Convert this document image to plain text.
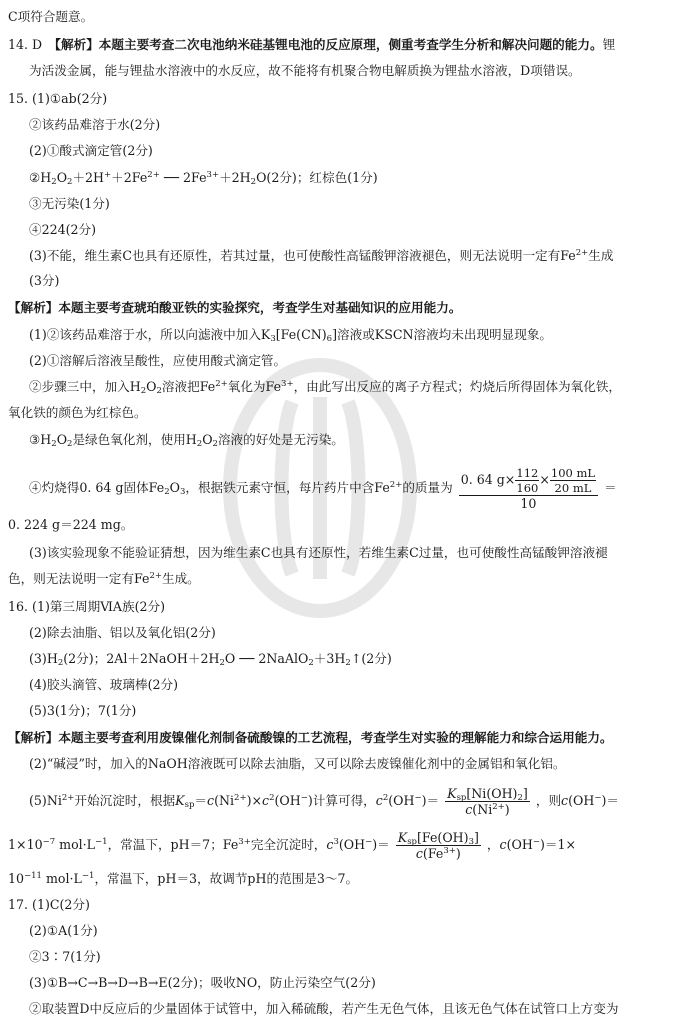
C项符合题意。
14. D　【解析】本题主要考查二次电池纳米硅基锂电池的反应原理，侧重考查学生分析和解决问题的能力。锂
为活泼金属，能与锂盐水溶液中的水反应，故不能将有机聚合物电解质换为锂盐水溶液，D项错误。
15. (1)①ab(2分)
②该药品难溶于水(2分)
(2)①酸式滴定管(2分)
$②H_2O_2+2H^++2Fe^{2+}$ ── $2Fe^{3+}+2H_2O(2$分)；红棕色(1分)
③无污染(1分)
④224(2分)
(3)不能，维生素C也具有还原性，若其过量，也可使酸性高锰酸钾溶液褪色，则无法说明一定有$Fe^{2+}$生成
(3分)
【解析】本题主要考查琥珀酸亚铁的实验探究，考查学生对基础知识的应用能力。
(1)②该药品难溶于水，所以向滤液中加入$K_3[Fe(CN)_6]$溶液或KSCN溶液均未出现明显现象。
(2)①溶解后溶液呈酸性，应使用酸式滴定管。
②步骤三中，加入$H_2O_2$溶液把$Fe^{2+}$氧化为$Fe^{3+}$，由此写出反应的离子方程式；灼烧后所得固体为氧化铁，
氧化铁的颜色为红棕色。
$③H_2O_2$是绿色氧化剂，使用$H_2O_2$溶液的好处是无污染。
④灼烧得0. 64 g固体$Fe_2O_3$，根据铁元素守恒，每片药片中含$Fe^{2+}$的质量为 $\frac{0. 64 g\times \frac{112}{160} \times \frac{100 mL}{20 mL}}{10}$ ＝
0. 224 g＝224 mg。
(3)该实验现象不能验证猜想，因为维生素C也具有还原性，若维生素C过量，也可使酸性高锰酸钾溶液褪
色，则无法说明一定有$Fe^{2+}$生成。
16. (1)第三周期ⅥA族(2分)
(2)除去油脂、铝以及氧化铝(2分)
$(3)H_2(2$分)；$2Al+2NaOH+2H_2O$ ── $2NaAlO_2+3H_2↑(2$分)
(4)胶头滴管、玻璃棒(2分)
(5)3(1分)；7(1分)
【解析】本题主要考查利用废镍催化剂制备硫酸镍的工艺流程，考查学生对实验的理解能力和综合运用能力。
(2)“碱浸”时，加入的NaOH溶液既可以除去油脂，又可以除去废镍催化剂中的金属铝和氧化铝。
$(5)Ni^{2+}$开始沉淀时，根据$K_{sp}=c(Ni^{2+})\times c^2(OH^-)$计算可得，$c^2(OH^-)= \frac{K_{sp}[Ni(OH)_2]}{c(Ni^{2+})}$ ，则c(OH−)＝
$1\times 10^{-7}$ $mol\cdot L^{-1}$，常温下，pH＝7；$Fe^{3+}$完全沉淀时，$c^3(OH^-)= \frac{K_{sp}[Fe(OH)_3]}{c(Fe^{3+})}$ ，c(OH−)＝1×
$10^{-11}$ $mol\cdot L^{-1}$，常温下，pH＝3，故调节pH的范围是3～7。
17. (1)C(2分)
(2)①A(1分)
②3∶7(1分)
(3)①B→C→B→D→B→E(2分)；吸收NO，防止污染空气(2分)
②取装置D中反应后的少量固体于试管中，加入稀硫酸，若产生无色气体，且该无色气体在试管口上方变为
